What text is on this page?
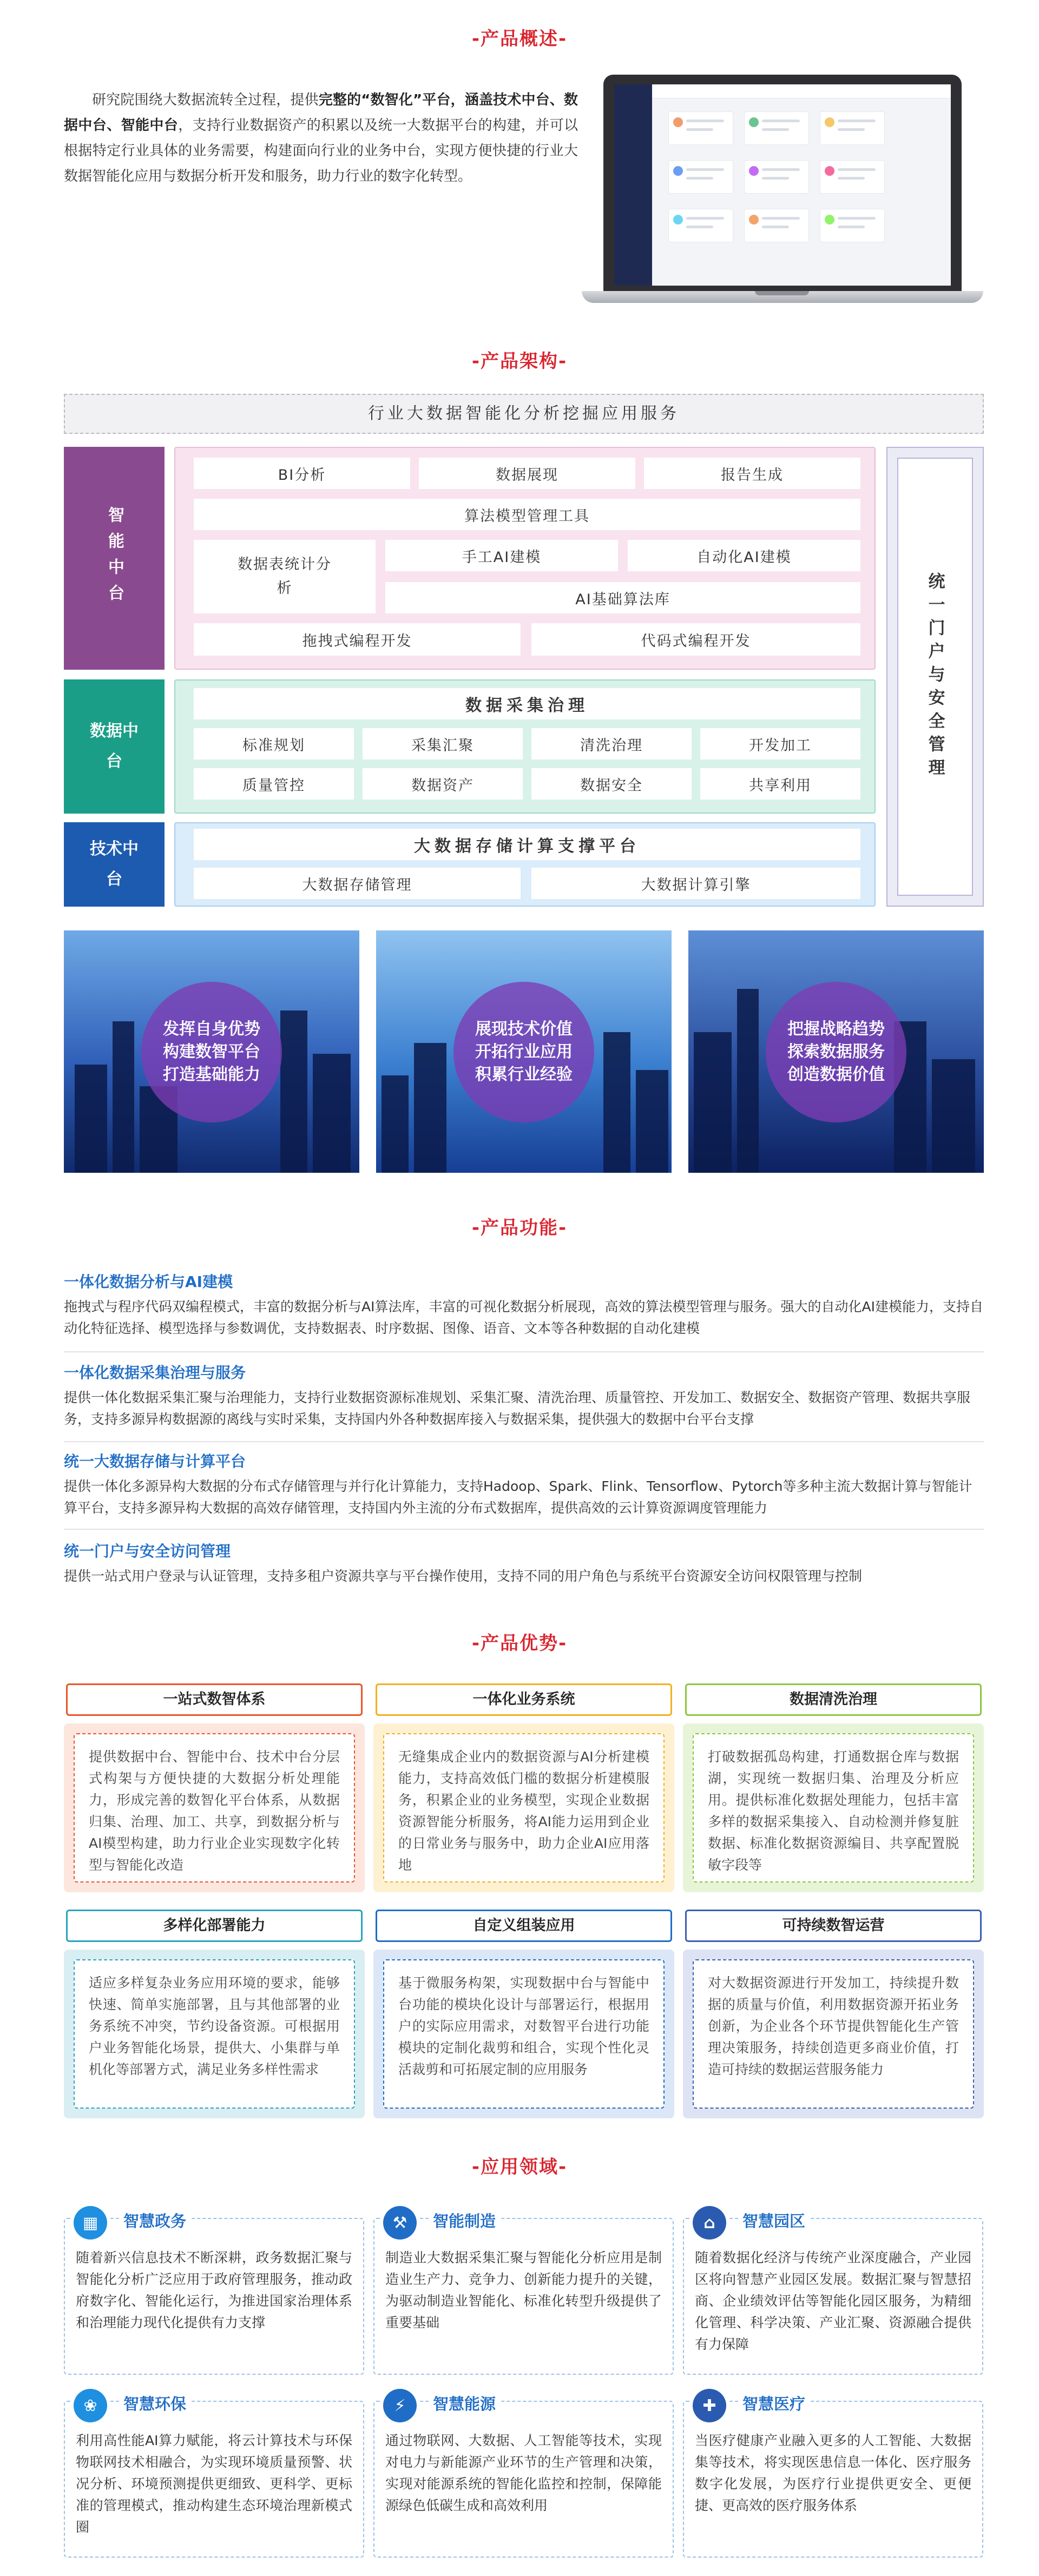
-产品概述-
研究院围绕大数据流转全过程，提供完整的“数智化”平台，涵盖技术中台、数据中台、智能中台，支持行业数据资产的积累以及统一大数据平台的构建，并可以根据特定行业具体的业务需要，构建面向行业的业务中台，实现方便快捷的行业大数据智能化应用与数据分析开发和服务，助力行业的数字化转型。
-产品架构-
行业大数据智能化分析挖掘应用服务
智能中台
BI分析	数据展现	报告生成
算法模型管理工具
数据表统计分析
手工AI建模	自动化AI建模
AI基础算法库
拖拽式编程开发	代码式编程开发
数据中台
数据采集治理
标准规划	采集汇聚	清洗治理	开发加工
质量管控	数据资产	数据安全	共享利用
技术中台
大数据存储计算支撑平台
大数据存储管理	大数据计算引擎
统一门户与安全管理
发挥自身优势
构建数智平台
打造基础能力
展现技术价值
开拓行业应用
积累行业经验
把握战略趋势
探索数据服务
创造数据价值
-产品功能-
一体化数据分析与AI建模
拖拽式与程序代码双编程模式，丰富的数据分析与AI算法库，丰富的可视化数据分析展现，高效的算法模型管理与服务。强大的自动化AI建模能力，支持自动化特征选择、模型选择与参数调优，支持数据表、时序数据、图像、语音、文本等各种数据的自动化建模
一体化数据采集治理与服务
提供一体化数据采集汇聚与治理能力，支持行业数据资源标准规划、采集汇聚、清洗治理、质量管控、开发加工、数据安全、数据资产管理、数据共享服务，支持多源异构数据源的离线与实时采集，支持国内外各种数据库接入与数据采集，提供强大的数据中台平台支撑
统一大数据存储与计算平台
提供一体化多源异构大数据的分布式存储管理与并行化计算能力，支持Hadoop、Spark、Flink、Tensorflow、Pytorch等多种主流大数据计算与智能计算平台，支持多源异构大数据的高效存储管理，支持国内外主流的分布式数据库，提供高效的云计算资源调度管理能力
统一门户与安全访问管理
提供一站式用户登录与认证管理，支持多租户资源共享与平台操作使用，支持不同的用户角色与系统平台资源安全访问权限管理与控制
-产品优势-
一站式数智体系
提供数据中台、智能中台、技术中台分层式构架与方便快捷的大数据分析处理能力，形成完善的数智化平台体系，从数据归集、治理、加工、共享，到数据分析与AI模型构建，助力行业企业实现数字化转型与智能化改造
一体化业务系统
无缝集成企业内的数据资源与AI分析建模能力，支持高效低门槛的数据分析建模服务，积累企业的业务模型，实现企业数据资源智能分析服务，将AI能力运用到企业的日常业务与服务中，助力企业AI应用落地
数据清洗治理
打破数据孤岛构建，打通数据仓库与数据湖，实现统一数据归集、治理及分析应用。提供标准化数据处理能力，包括丰富多样的数据采集接入、自动检测并修复脏数据、标准化数据资源编目、共享配置脱敏字段等
多样化部署能力
适应多样复杂业务应用环境的要求，能够快速、简单实施部署，且与其他部署的业务系统不冲突，节约设备资源。可根据用户业务智能化场景，提供大、小集群与单机化等部署方式，满足业务多样性需求
自定义组装应用
基于微服务构架，实现数据中台与智能中台功能的模块化设计与部署运行，根据用户的实际应用需求，对数智平台进行功能模块的定制化裁剪和组合，实现个性化灵活裁剪和可拓展定制的应用服务
可持续数智运营
对大数据资源进行开发加工，持续提升数据的质量与价值，利用数据资源开拓业务创新，为企业各个环节提供智能化生产管理决策服务，持续创造更多商业价值，打造可持续的数据运营服务能力
-应用领域-
▦	智慧政务
随着新兴信息技术不断深耕，政务数据汇聚与智能化分析广泛应用于政府管理服务，推动政府数字化、智能化运行，为推进国家治理体系和治理能力现代化提供有力支撑
⚒	智能制造
制造业大数据采集汇聚与智能化分析应用是制造业生产力、竞争力、创新能力提升的关键，为驱动制造业智能化、标准化转型升级提供了重要基础
⌂	智慧园区
随着数据化经济与传统产业深度融合，产业园区将向智慧产业园区发展。数据汇聚与智慧招商、企业绩效评估等智能化园区服务，为精细化管理、科学决策、产业汇聚、资源融合提供有力保障
❀	智慧环保
利用高性能AI算力赋能，将云计算技术与环保物联网技术相融合，为实现环境质量预警、状况分析、环境预测提供更细致、更科学、更标准的管理模式，推动构建生态环境治理新模式圈
⚡	智慧能源
通过物联网、大数据、人工智能等技术，实现对电力与新能源产业环节的生产管理和决策，实现对能源系统的智能化监控和控制，保障能源绿色低碳生成和高效利用
✚	智慧医疗
当医疗健康产业融入更多的人工智能、大数据集等技术，将实现医患信息一体化、医疗服务数字化发展，为医疗行业提供更安全、更便捷、更高效的医疗服务体系
